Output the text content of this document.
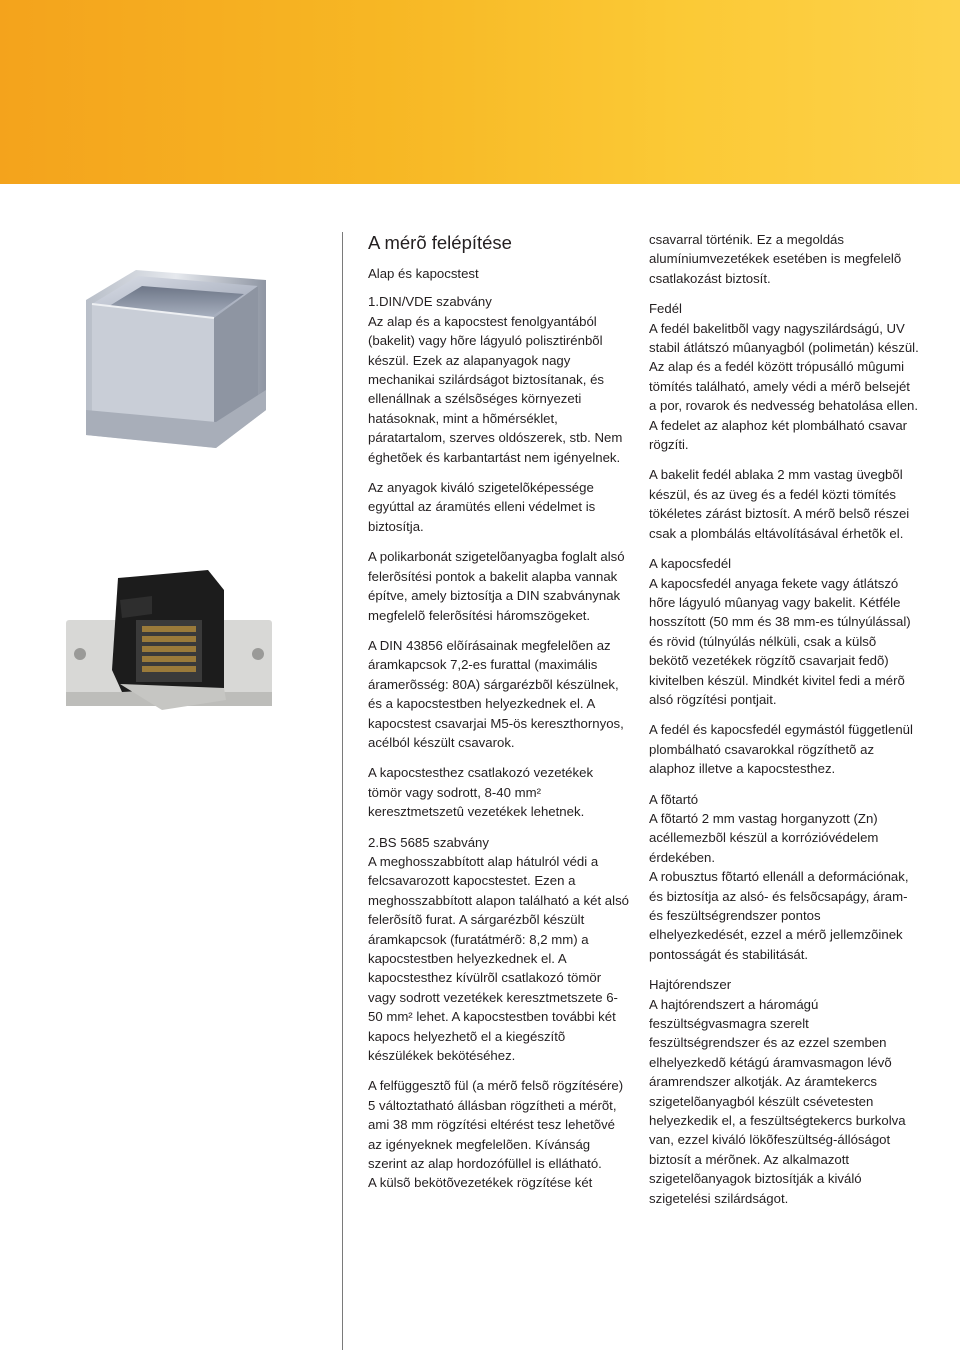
A mérõ felépítése

Alap és kapocstest

1.DIN/VDE szabvány
Az alap és a kapocstest fenolgyantából (bakelit) vagy hõre lágyuló polisztirénbõl készül. Ezek az alapanyagok nagy mechanikai szilárdságot biztosítanak, és ellenállnak a szélsõséges környezeti hatásoknak, mint a hõmérséklet, páratartalom, szerves oldószerek, stb. Nem éghetõek és karbantartást nem igényelnek.

Az anyagok kiváló szigetelõképessége egyúttal az áramütés elleni védelmet is biztosítja.

A polikarbonát szigetelõanyagba foglalt alsó felerõsítési pontok a bakelit alapba vannak építve, amely biztosítja a DIN szabványnak megfelelõ felerõsítési háromszögeket.

A DIN 43856 elõírásainak megfelelõen az áramkapcsok 7,2-es furattal (maximális áramerõsség: 80A) sárgarézbõl készülnek, és a kapocstestben helyezkednek el. A kapocstest csavarjai M5-ös kereszthornyos, acélból készült csavarok.

A kapocstesthez csatlakozó vezetékek tömör vagy sodrott, 8-40 mm² keresztmetszetû vezetékek lehetnek.

2.BS 5685 szabvány
A meghosszabbított alap hátulról védi a felcsavarozott kapocstestet. Ezen a meghosszabbított alapon található a két alsó felerõsítõ furat. A sárgarézbõl készült áramkapcsok (furatátmérõ: 8,2 mm) a kapocstestben helyezkednek el. A kapocstesthez kívülrõl csatlakozó tömör vagy sodrott vezetékek keresztmetszete 6-50 mm² lehet. A kapocstestben további két kapocs helyezhetõ el a kiegészítõ készülékek bekötéséhez.

A felfüggesztõ fül (a mérõ felsõ rögzítésére) 5 változtatható állásban rögzítheti a mérõt, ami 38 mm rögzítési eltérést tesz lehetõvé az igényeknek megfelelõen. Kívánság szerint az alap hordozófüllel is ellátható.
A külsõ bekötõvezetékek rögzítése két

csavarral történik. Ez a megoldás alumíniumvezetékek esetében is megfelelõ csatlakozást biztosít.

Fedél

A fedél bakelitbõl vagy nagyszilárdságú, UV stabil átlátszó mûanyagból (polimetán) készül. Az alap és a fedél között trópusálló mûgumi tömítés található, amely védi a mérõ belsejét a por, rovarok és nedvesség behatolása ellen. A fedelet az alaphoz két plombálható csavar rögzíti.

A bakelit fedél ablaka 2 mm vastag üvegbõl készül, és az üveg és a fedél közti tömítés tökéletes zárást biztosít. A mérõ belsõ részei csak a plombálás eltávolításával érhetõk el.

A kapocsfedél

A kapocsfedél anyaga fekete vagy átlátszó hõre lágyuló mûanyag vagy bakelit. Kétféle hosszított (50 mm és 38 mm-es túlnyúlással) és rövid (túlnyúlás nélküli, csak a külsõ bekötõ vezetékek rögzítõ csavarjait fedõ) kivitelben készül. Mindkét kivitel fedi a mérõ alsó rögzítési pontjait.

A fedél és kapocsfedél egymástól függetlenül plombálható csavarokkal rögzíthetõ az alaphoz illetve a kapocstesthez.

A fõtartó

A fõtartó 2 mm vastag horganyzott (Zn) acéllemezbõl készül a korrózióvédelem érdekében.
A robusztus fõtartó ellenáll a deformációnak, és biztosítja az alsó- és felsõcsapágy, áram- és feszültségrendszer pontos elhelyezkedését, ezzel a mérõ jellemzõinek pontosságát és stabilitását.

Hajtórendszer

A hajtórendszert a háromágú feszültségvasmagra szerelt feszültségrendszer és az ezzel szemben elhelyezkedõ kétágú áramvasmagon lévõ áramrendszer alkotják. Az áramtekercs szigetelõanyagból készült csévetesten helyezkedik el, a feszültségtekercs burkolva van, ezzel kiváló lökõfeszültség-állóságot biztosít a mérõnek. Az alkalmazott szigetelõanyagok biztosítják a kiváló szigetelési szilárdságot.
